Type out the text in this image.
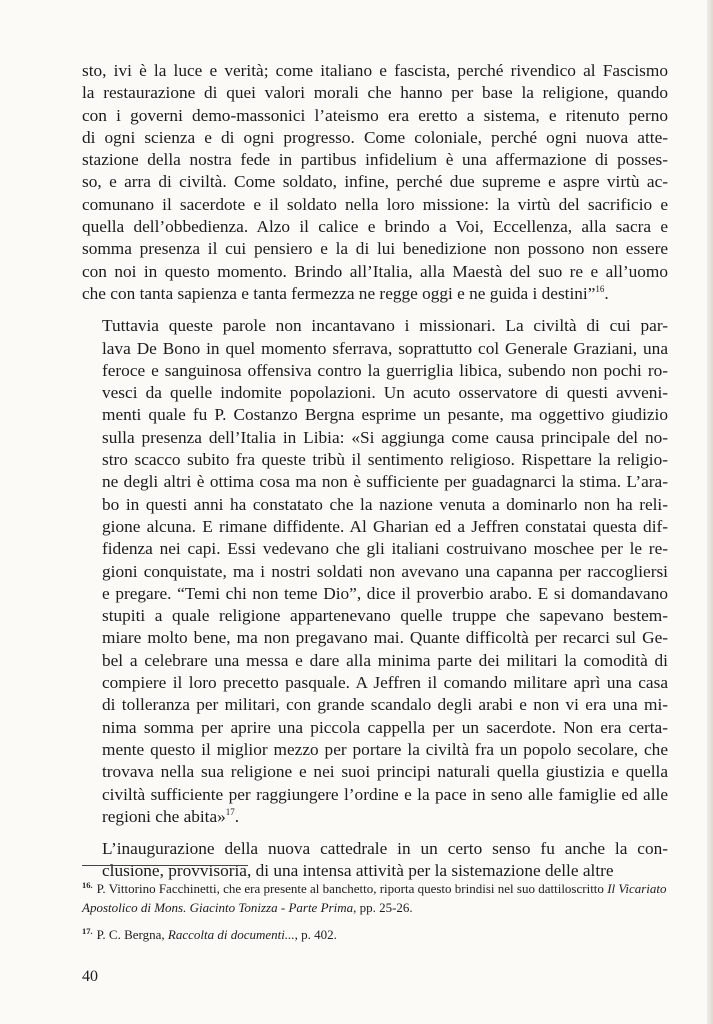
sto, ivi è la luce e verità; come italiano e fascista, perché rivendico al Fascismo
la restaurazione di quei valori morali che hanno per base la religione, quando
con i governi demo-massonici l’ateismo era eretto a sistema, e ritenuto perno
di ogni scienza e di ogni progresso. Come coloniale, perché ogni nuova atte-
stazione della nostra fede in partibus infidelium è una affermazione di posses-
so, e arra di civiltà. Come soldato, infine, perché due supreme e aspre virtù ac-
comunano il sacerdote e il soldato nella loro missione: la virtù del sacrificio e
quella dell’obbedienza. Alzo il calice e brindo a Voi, Eccellenza, alla sacra e
somma presenza il cui pensiero e la di lui benedizione non possono non essere
con noi in questo momento. Brindo all’Italia, alla Maestà del suo re e all’uomo
che con tanta sapienza e tanta fermezza ne regge oggi e ne guida i destini”$^{16}$.

Tuttavia queste parole non incantavano i missionari. La civiltà di cui par-
lava De Bono in quel momento sferrava, soprattutto col Generale Graziani, una
feroce e sanguinosa offensiva contro la guerriglia libica, subendo non pochi ro-
vesci da quelle indomite popolazioni. Un acuto osservatore di questi avveni-
menti quale fu P. Costanzo Bergna esprime un pesante, ma oggettivo giudizio
sulla presenza dell’Italia in Libia: «Si aggiunga come causa principale del no-
stro scacco subito fra queste tribù il sentimento religioso. Rispettare la religio-
ne degli altri è ottima cosa ma non è sufficiente per guadagnarci la stima. L’ara-
bo in questi anni ha constatato che la nazione venuta a dominarlo non ha reli-
gione alcuna. E rimane diffidente. Al Gharian ed a Jeffren constatai questa dif-
fidenza nei capi. Essi vedevano che gli italiani costruivano moschee per le re-
gioni conquistate, ma i nostri soldati non avevano una capanna per raccogliersi
e pregare. “Temi chi non teme Dio”, dice il proverbio arabo. E si domandavano
stupiti a quale religione appartenevano quelle truppe che sapevano bestem-
miare molto bene, ma non pregavano mai. Quante difficoltà per recarci sul Ge-
bel a celebrare una messa e dare alla minima parte dei militari la comodità di
compiere il loro precetto pasquale. A Jeffren il comando militare aprì una casa
di tolleranza per militari, con grande scandalo degli arabi e non vi era una mi-
nima somma per aprire una piccola cappella per un sacerdote. Non era certa-
mente questo il miglior mezzo per portare la civiltà fra un popolo secolare, che
trovava nella sua religione e nei suoi principi naturali quella giustizia e quella
civiltà sufficiente per raggiungere l’ordine e la pace in seno alle famiglie ed alle
regioni che abita»$^{17}$.

L’inaugurazione della nuova cattedrale in un certo senso fu anche la con-
clusione, provvisoria, di una intensa attività per la sistemazione delle altre

$^{16.}$ P. Vittorino Facchinetti, che era presente al banchetto, riporta questo brindisi nel suo dattiloscritto Il Vicariato Apostolico di Mons. Giacinto Tonizza - Parte Prima, pp. 25-26.

$^{17.}$ P. C. Bergna, Raccolta di documenti..., p. 402.

40
